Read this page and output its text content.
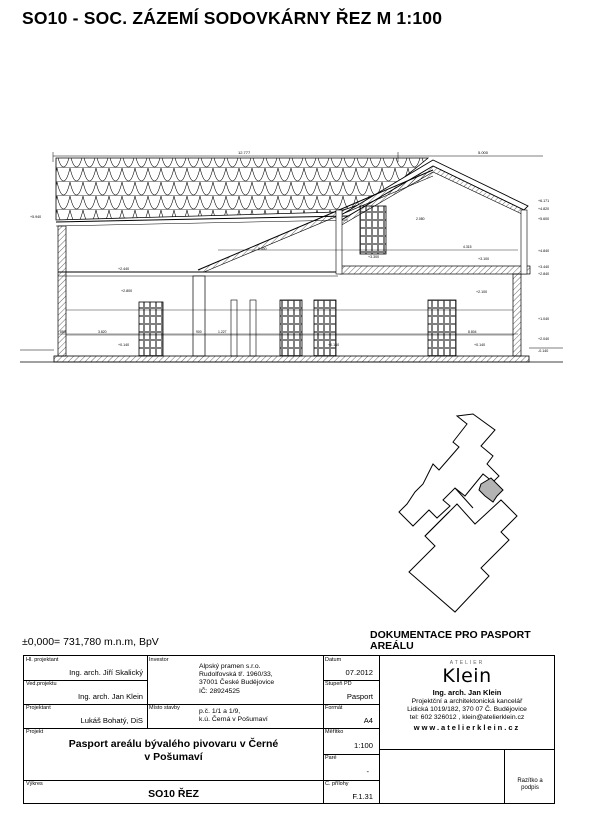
SO10 - SOC. ZÁZEMÍ SODOVKÁRNY ŘEZ M 1:100
12.777	5.000
+5.940
+4.820
+5.600
+6.171
+4.840
+3.300
+2.440	+3.440
+3.100
+2.840
+2.800
+1.040
+2.100
+0.140	+0.140	+0.140
+2.040
-0.140
8.400	4.315
2.080
1.227
880	900	8.804
3.820
±0,000= 731,780 m.n.m, BpV
DOKUMENTACE PRO PASPORT
AREÁLU
Hl. projektant
Ing. arch. Jiří Skalický
Ved.projektu
Ing. arch. Jan Klein
Projektant
Lukáš Bohatý, DiS
Investor
Alpský pramen s.r.o.
Rudolfovská tř. 1960/33,
37001 České Budějovice
IČ: 28924525
Místo stavby	p.č. 1/1 a 1/9,
k.ú. Černá v Pošumaví
Projekt
Pasport areálu bývalého pivovaru v Černé
v Pošumaví
Výkres
SO10 ŘEZ
Datum
07.2012
Stupeň PD
Pasport
Formát
A4
Měřítko
1:100
Paré
-
Č. přílohy
F.1.31
ATELIER
Klein
Ing. arch. Jan Klein
Projektční a architektonická kancelář
Lidická 1019/182, 370 07 Č. Budějovice
tel: 602 326012 , klein@atelierklein.cz
www.atelierklein.cz
Razítko a
podpis
